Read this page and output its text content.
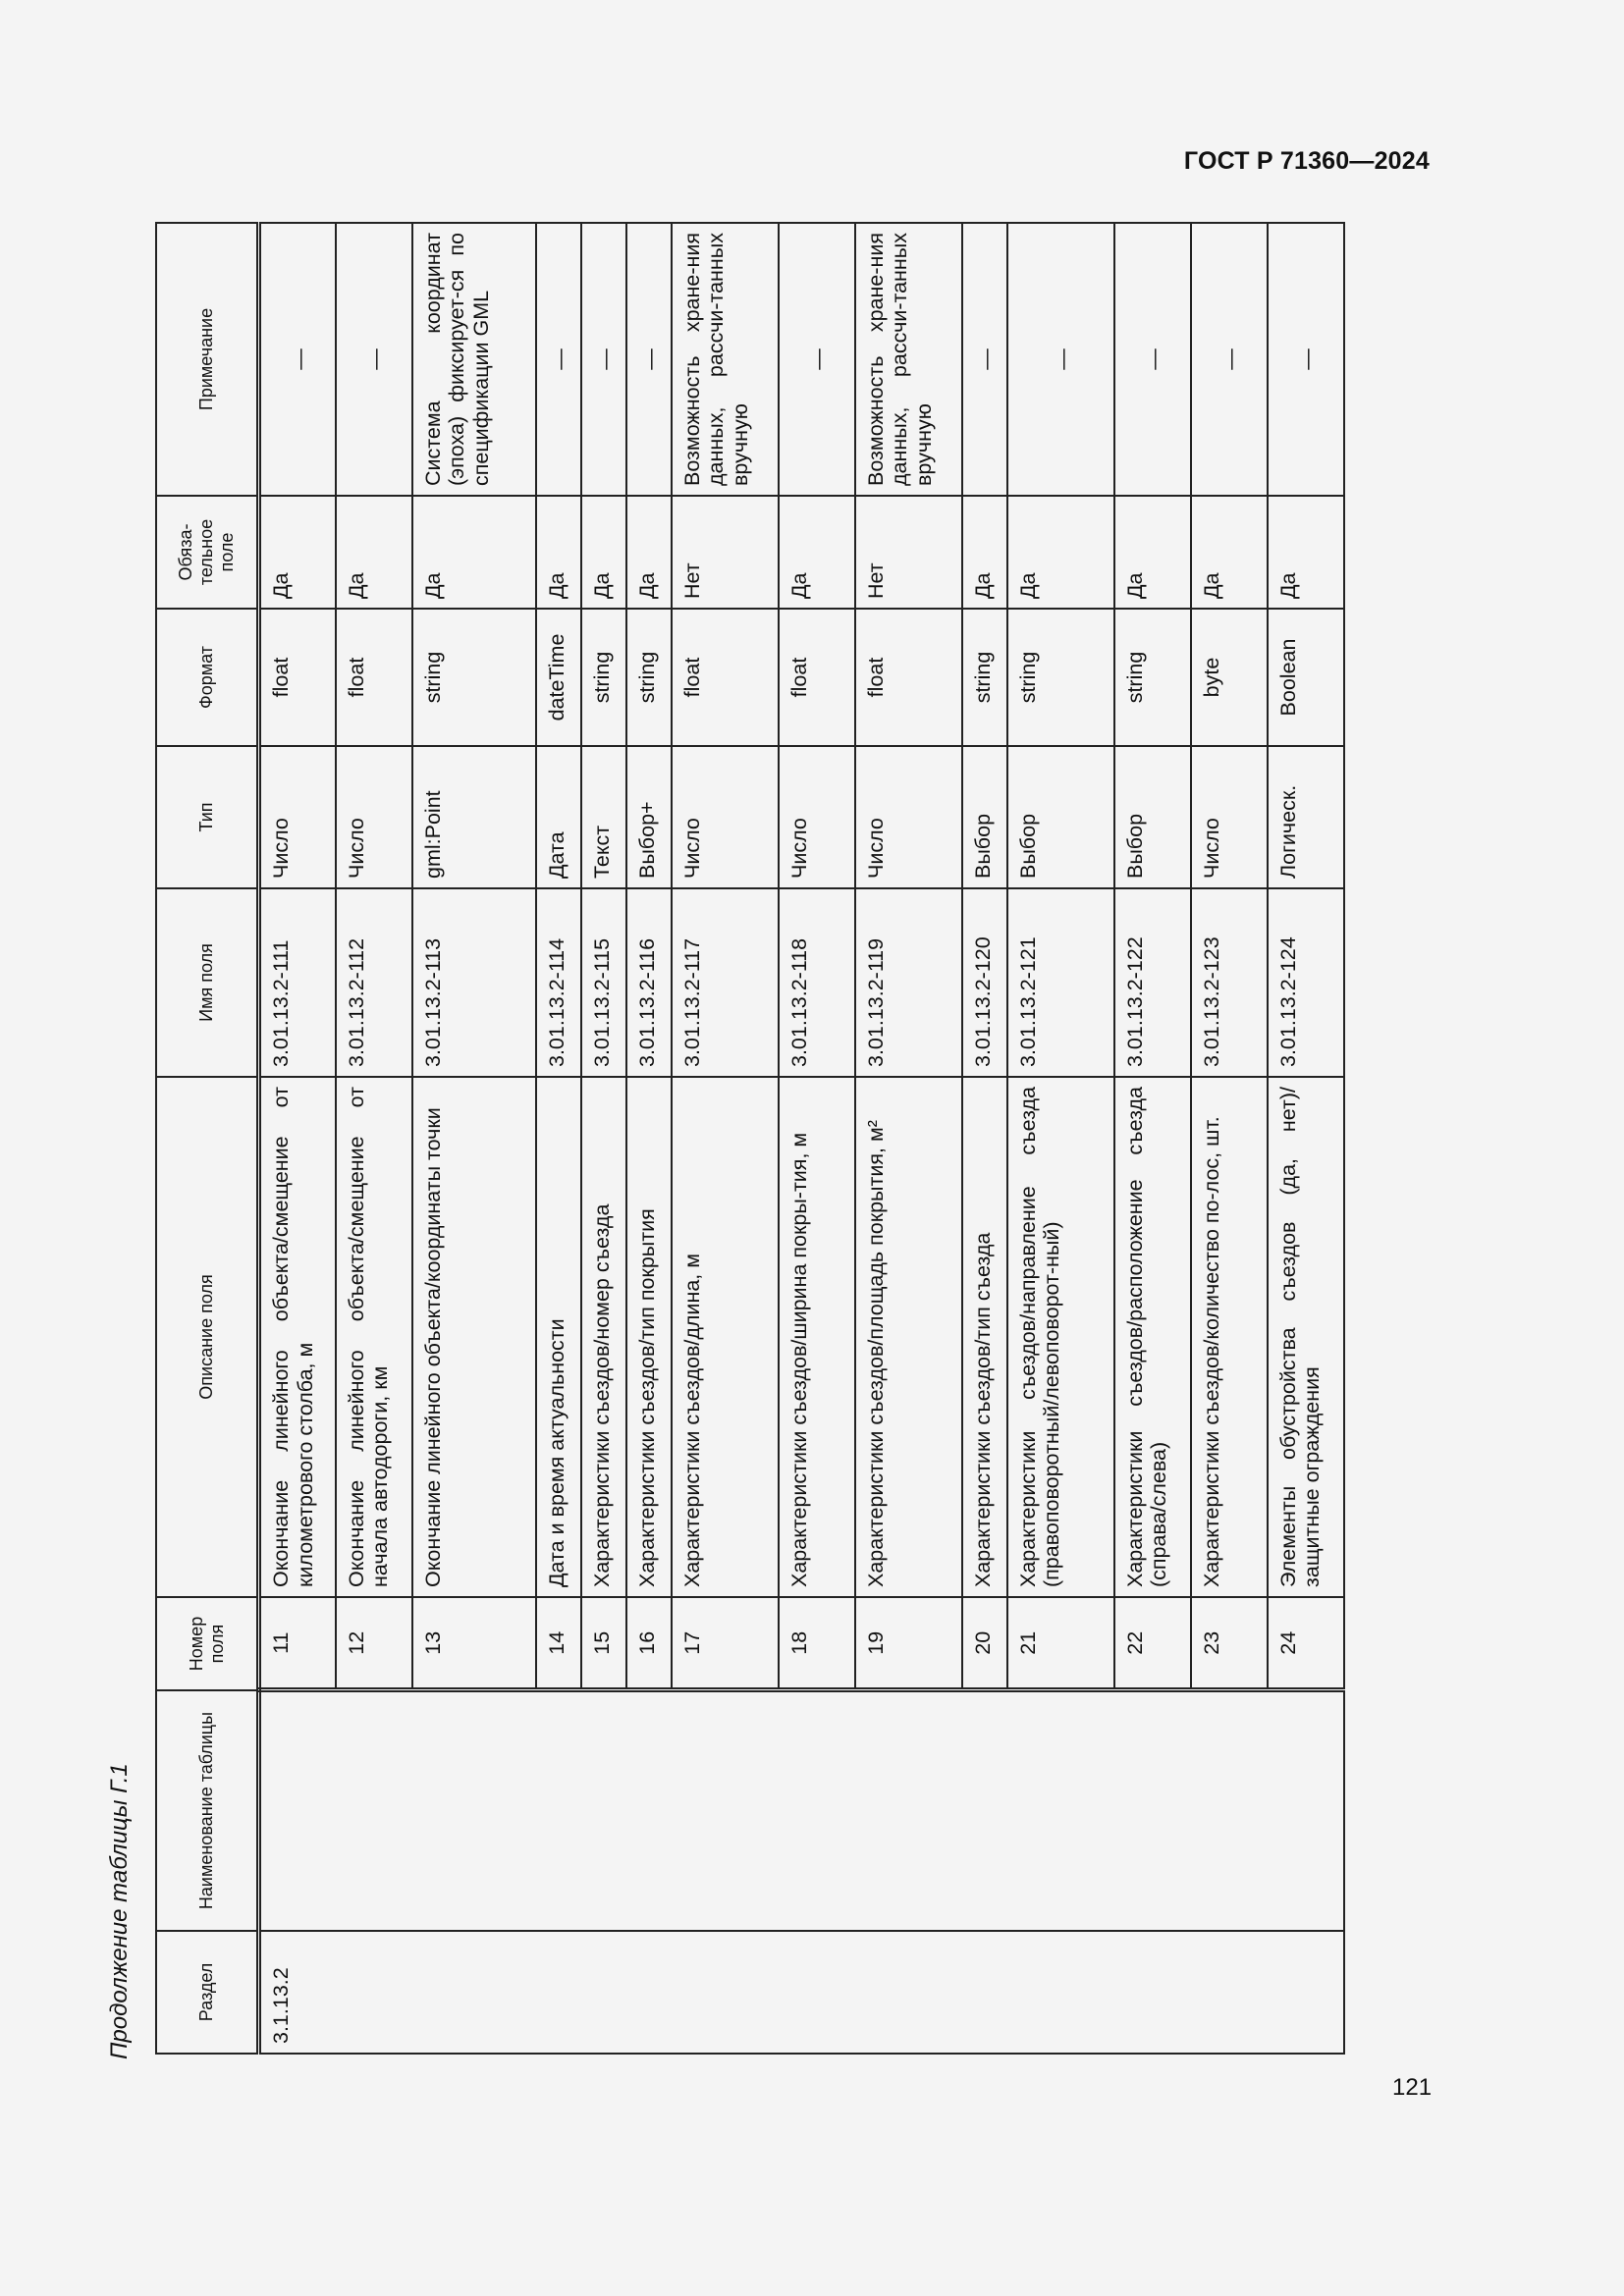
ГОСТ Р 71360—2024
Продолжение таблицы Г.1	Раздел	Наименование таблицы	Номер поля	Описание поля	Имя поля	Тип	Формат	Обяза-тельное поле	Примечание
3.1.13.2		11	Окончание линейного объекта/смещение от километрового столба, м	3.01.13.2-111	Число	float	Да	—
		12	Окончание линейного объекта/смещение от начала автодороги, км	3.01.13.2-112	Число	float	Да	—
		13	Окончание линейного объекта/координаты точки	3.01.13.2-113	gml:Point	string	Да	Система координат (эпоха) фиксирует-ся по спецификации GML
		14	Дата и время актуальности	3.01.13.2-114	Дата	dateTime	Да	—
		15	Характеристики съездов/номер съезда	3.01.13.2-115	Текст	string	Да	—
		16	Характеристики съездов/тип покрытия	3.01.13.2-116	Выбор+	string	Да	—
		17	Характеристики съездов/длина, м	3.01.13.2-117	Число	float	Нет	Возможность хране-ния данных, рассчи-танных вручную
		18	Характеристики съездов/ширина покры-тия, м	3.01.13.2-118	Число	float	Да	—
		19	Характеристики съездов/площадь покрытия, м²	3.01.13.2-119	Число	float	Нет	Возможность хране-ния данных, рассчи-танных вручную
		20	Характеристики съездов/тип съезда	3.01.13.2-120	Выбор	string	Да	—
		21	Характеристики съездов/направление съезда (правоповоротный/левоповорот-ный)	3.01.13.2-121	Выбор	string	Да	—
		22	Характеристики съездов/расположение съезда (справа/слева)	3.01.13.2-122	Выбор	string	Да	—
		23	Характеристики съездов/количество по-лос, шт.	3.01.13.2-123	Число	byte	Да	—
		24	Элементы обустройства съездов (да, нет)/защитные ограждения	3.01.13.2-124	Логическ.	Boolean	Да	—
121
